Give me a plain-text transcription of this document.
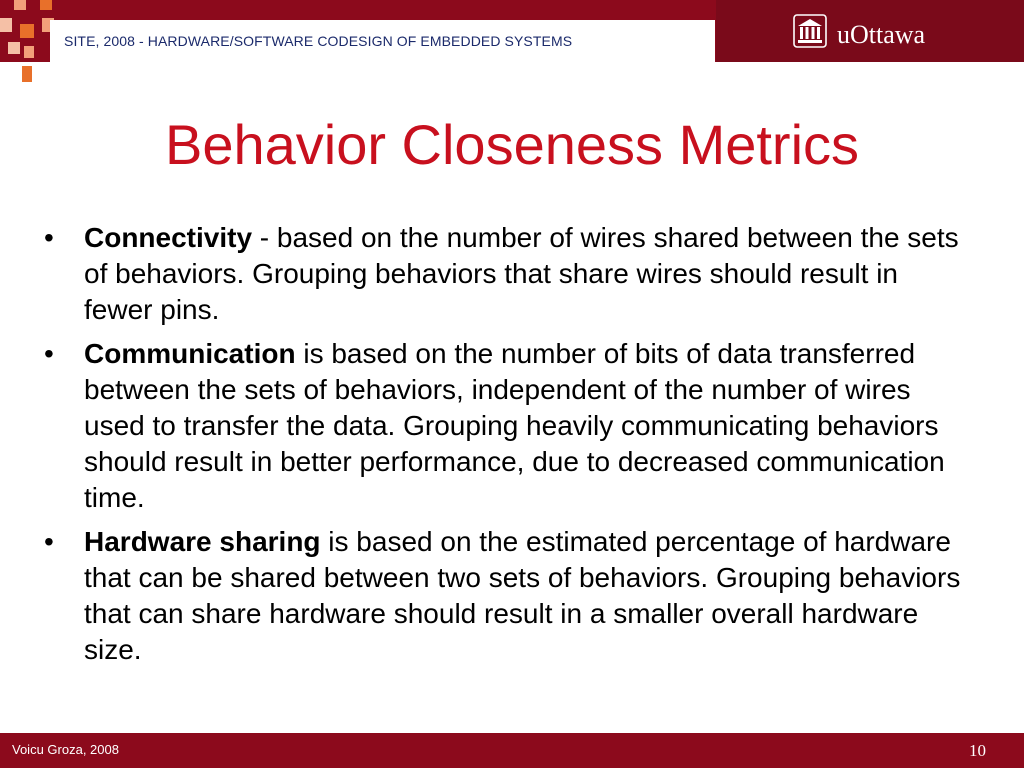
SITE, 2008 - HARDWARE/SOFTWARE CODESIGN OF EMBEDDED SYSTEMS	uOttawa
Behavior Closeness Metrics
•	Connectivity - based on the number of wires shared between the sets of behaviors. Grouping behaviors that share wires should result in fewer pins.
•	Communication is based on the number of bits of data transferred between the sets of behaviors, independent of the number of wires used to transfer the data. Grouping heavily communicating behaviors should result in better performance, due to decreased communication time.
•	Hardware sharing is based on the estimated percentage of hardware that can be shared between two sets of behaviors. Grouping behaviors that can share hardware should result in a smaller overall hardware size.
Voicu Groza, 2008	10
